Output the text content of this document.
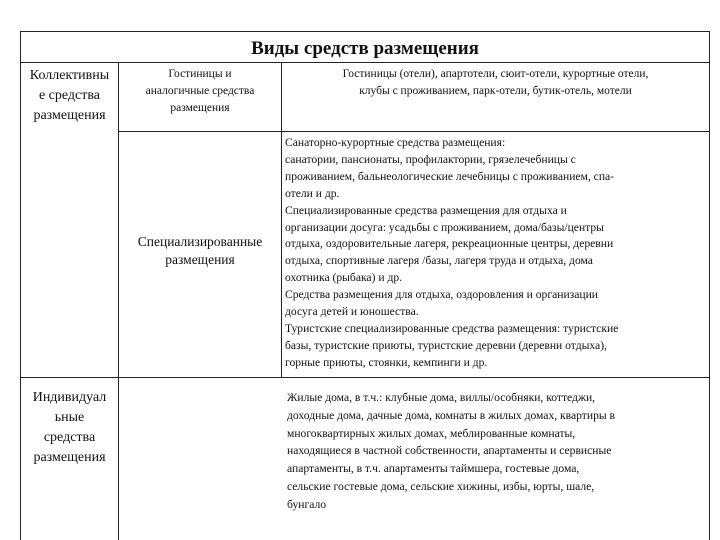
Виды средств размещения
Коллективны
е средства
размещения
Гостиницы и
аналогичные средства
размещения
Гостиницы (отели), апартотели, сюит-отели, курортные отели,
клубы с проживанием, парк-отели, бутик-отель, мотели
Специализированные
размещения
Санаторно-курортные средства размещения:
санатории, пансионаты, профилактории, грязелечебницы с
проживанием, бальнеологические лечебницы с проживанием, спа-
отели и др.
Специализированные средства размещения для отдыха и
организации досуга: усадьбы с проживанием, дома/базы/центры
отдыха, оздоровительные лагеря, рекреационные центры, деревни
отдыха, спортивные лагеря /базы, лагеря труда и отдыха, дома
охотника (рыбака) и др.
Средства размещения для отдыха, оздоровления и организации
досуга детей и юношества.
Туристские специализированные средства размещения: туристские
базы, туристские приюты, туристские деревни (деревни отдыха),
горные приюты, стоянки, кемпинги и др.
Индивидуал
ьные
средства
размещения
Жилые дома, в т.ч.: клубные дома, виллы/особняки, коттеджи,
доходные дома, дачные дома, комнаты в жилых домах, квартиры в
многоквартирных жилых домах, меблированные комнаты,
находящиеся в частной собственности, апартаменты и сервисные
апартаменты, в т.ч. апартаменты таймшера, гостевые дома,
сельские гостевые дома, сельские хижины, избы, юрты, шале,
бунгало
